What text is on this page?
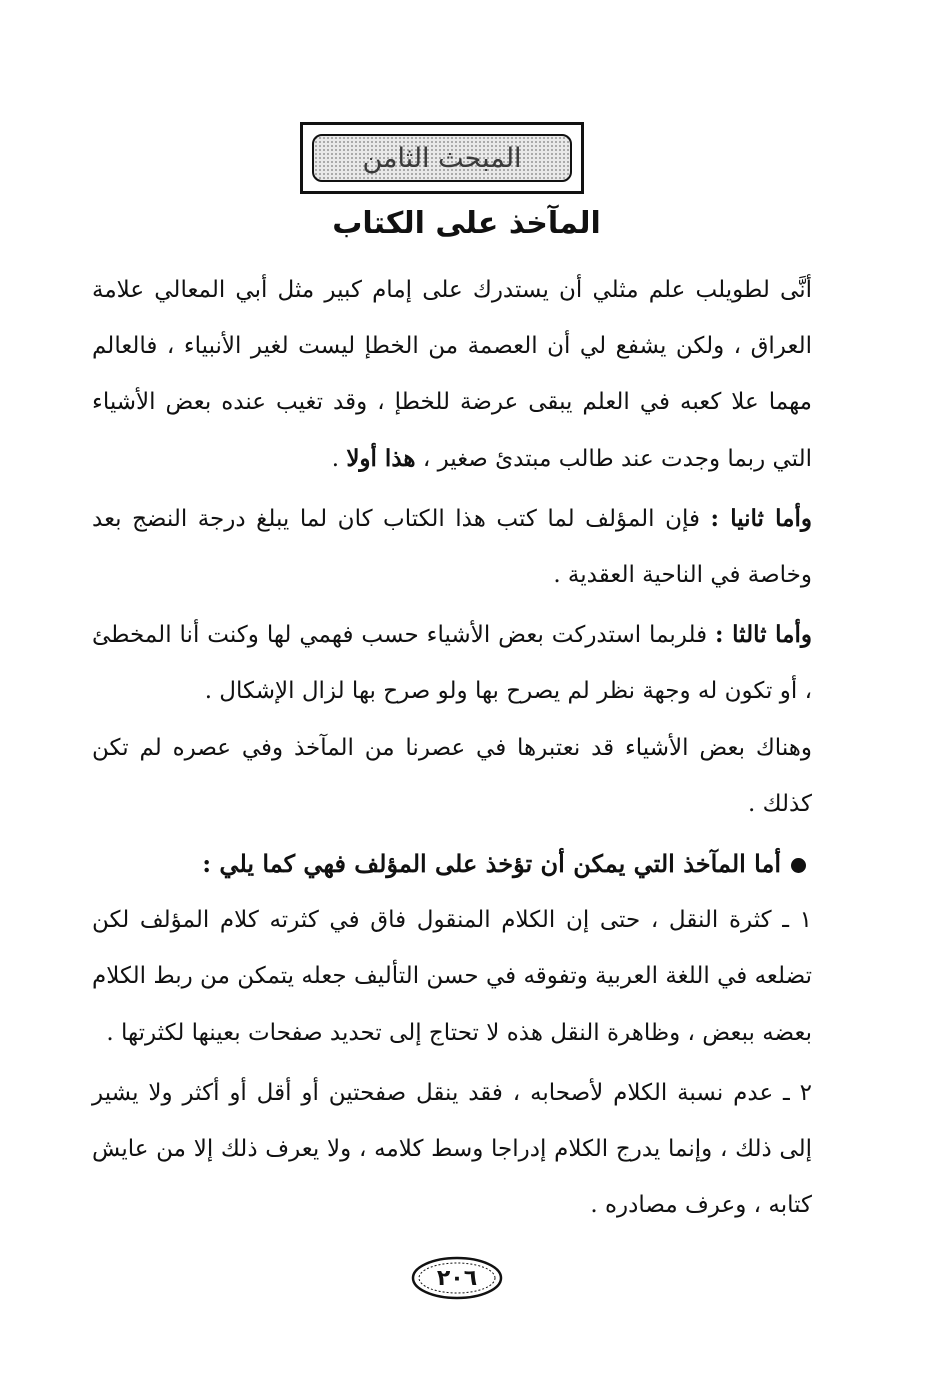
المبحث الثامن
المآخذ على الكتاب

أنَّى لطويلب علم مثلي أن يستدرك على إمام كبير مثل أبي المعالي علامة العراق ، ولكن يشفع لي أن العصمة من الخطإ ليست لغير الأنبياء ، فالعالم مهما علا كعبه في العلم يبقى عرضة للخطإ ، وقد تغيب عنده بعض الأشياء التي ربما وجدت عند طالب مبتدئ صغير ، هذا أولا .

وأما ثانيا : فإن المؤلف لما كتب هذا الكتاب كان لما يبلغ درجة النضج بعد وخاصة في الناحية العقدية .

وأما ثالثا : فلربما استدركت بعض الأشياء حسب فهمي لها وكنت أنا المخطئ ، أو تكون له وجهة نظر لم يصرح بها ولو صرح بها لزال الإشكال .

وهناك بعض الأشياء قد نعتبرها في عصرنا من المآخذ وفي عصره لم تكن كذلك .

أما المآخذ التي يمكن أن تؤخذ على المؤلف فهي كما يلي :

١ ـ كثرة النقل ، حتى إن الكلام المنقول فاق في كثرته كلام المؤلف لكن تضلعه في اللغة العربية وتفوقه في حسن التأليف جعله يتمكن من ربط الكلام بعضه ببعض ، وظاهرة النقل هذه لا تحتاج إلى تحديد صفحات بعينها لكثرتها .

٢ ـ عدم نسبة الكلام لأصحابه ، فقد ينقل صفحتين أو أقل أو أكثر ولا يشير إلى ذلك ، وإنما يدرج الكلام إدراجا وسط كلامه ، ولا يعرف ذلك إلا من عايش كتابه ، وعرف مصادره .

٢٠٦
